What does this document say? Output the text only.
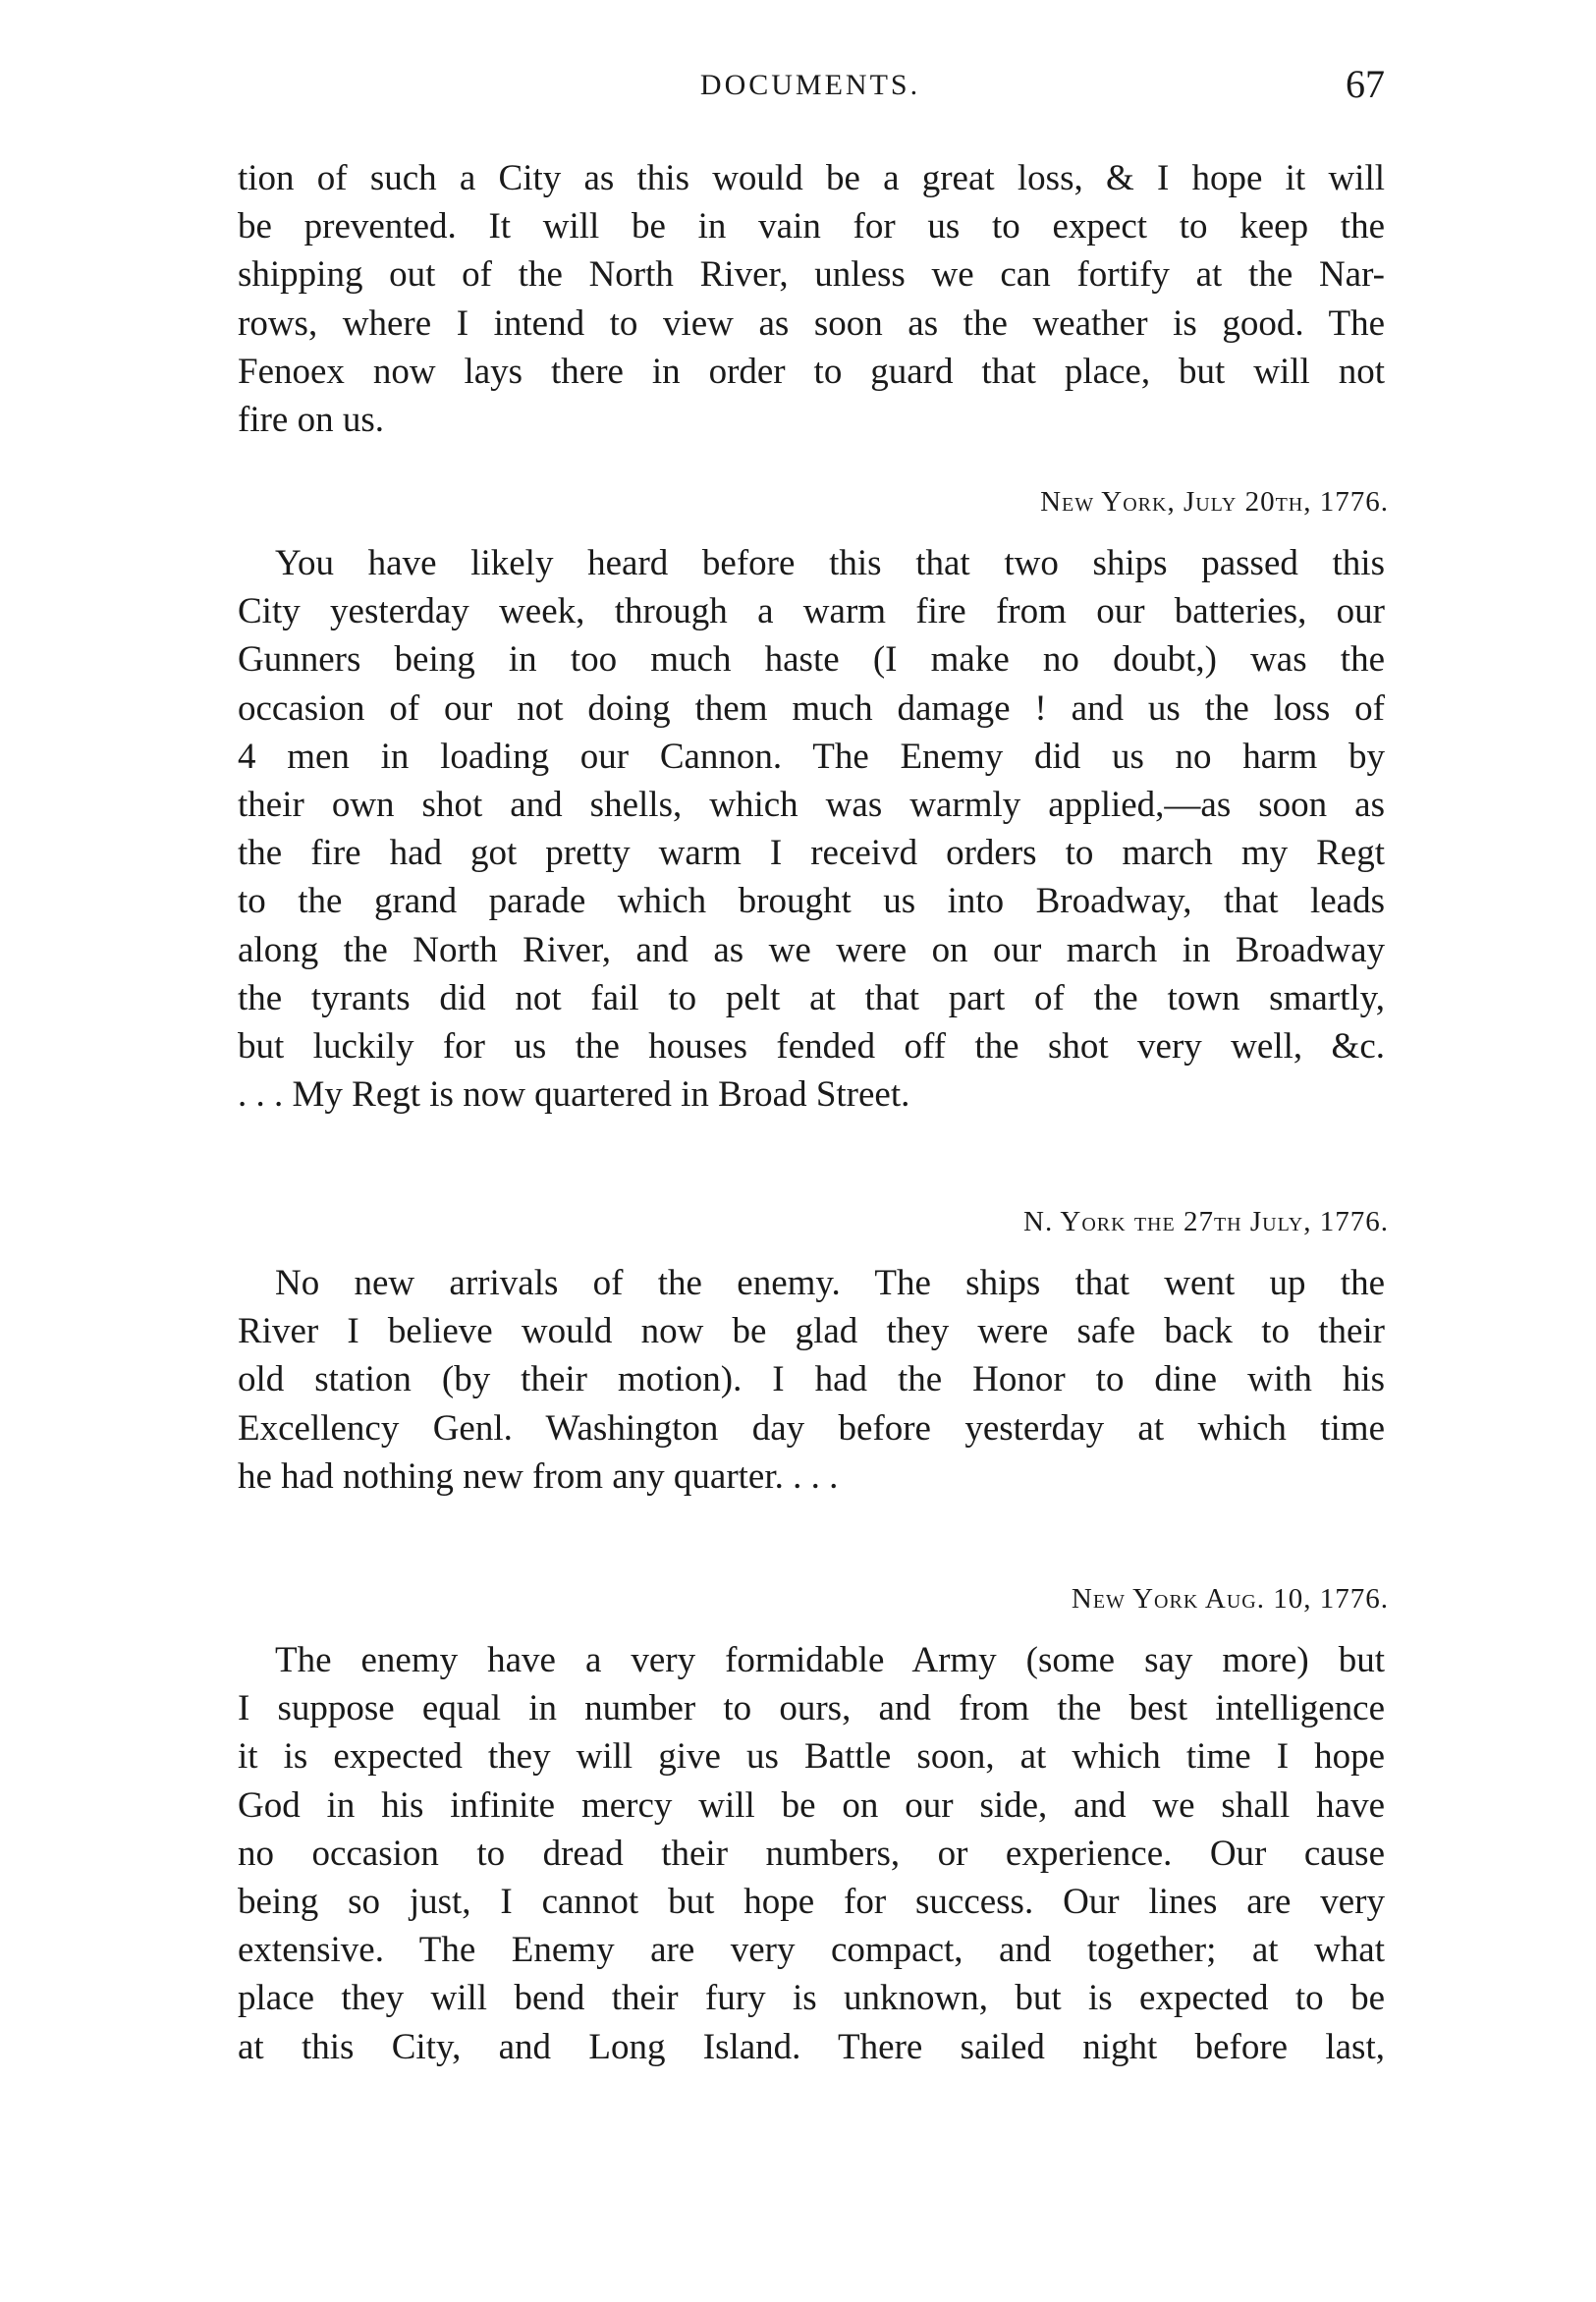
DOCUMENTS.	67
tion of such a City as this would be a great loss, & I hope it will
be prevented. It will be in vain for us to expect to keep the
shipping out of the North River, unless we can fortify at the Nar-
rows, where I intend to view as soon as the weather is good. The
Fenoex now lays there in order to guard that place, but will not
fire on us.
New York, July 20th, 1776.
You have likely heard before this that two ships passed this
City yesterday week, through a warm fire from our batteries, our
Gunners being in too much haste (I make no doubt,) was the
occasion of our not doing them much damage ! and us the loss of
4 men in loading our Cannon. The Enemy did us no harm by
their own shot and shells, which was warmly applied,—as soon as
the fire had got pretty warm I receivd orders to march my Regt
to the grand parade which brought us into Broadway, that leads
along the North River, and as we were on our march in Broadway
the tyrants did not fail to pelt at that part of the town smartly,
but luckily for us the houses fended off the shot very well, &c.
. . . My Regt is now quartered in Broad Street.
N. York the 27th July, 1776.
No new arrivals of the enemy. The ships that went up the
River I believe would now be glad they were safe back to their
old station (by their motion). I had the Honor to dine with his
Excellency Genl. Washington day before yesterday at which time
he had nothing new from any quarter. . . .
New York Aug. 10, 1776.
The enemy have a very formidable Army (some say more) but
I suppose equal in number to ours, and from the best intelligence
it is expected they will give us Battle soon, at which time I hope
God in his infinite mercy will be on our side, and we shall have
no occasion to dread their numbers, or experience. Our cause
being so just, I cannot but hope for success. Our lines are very
extensive. The Enemy are very compact, and together; at what
place they will bend their fury is unknown, but is expected to be
at this City, and Long Island. There sailed night before last,
